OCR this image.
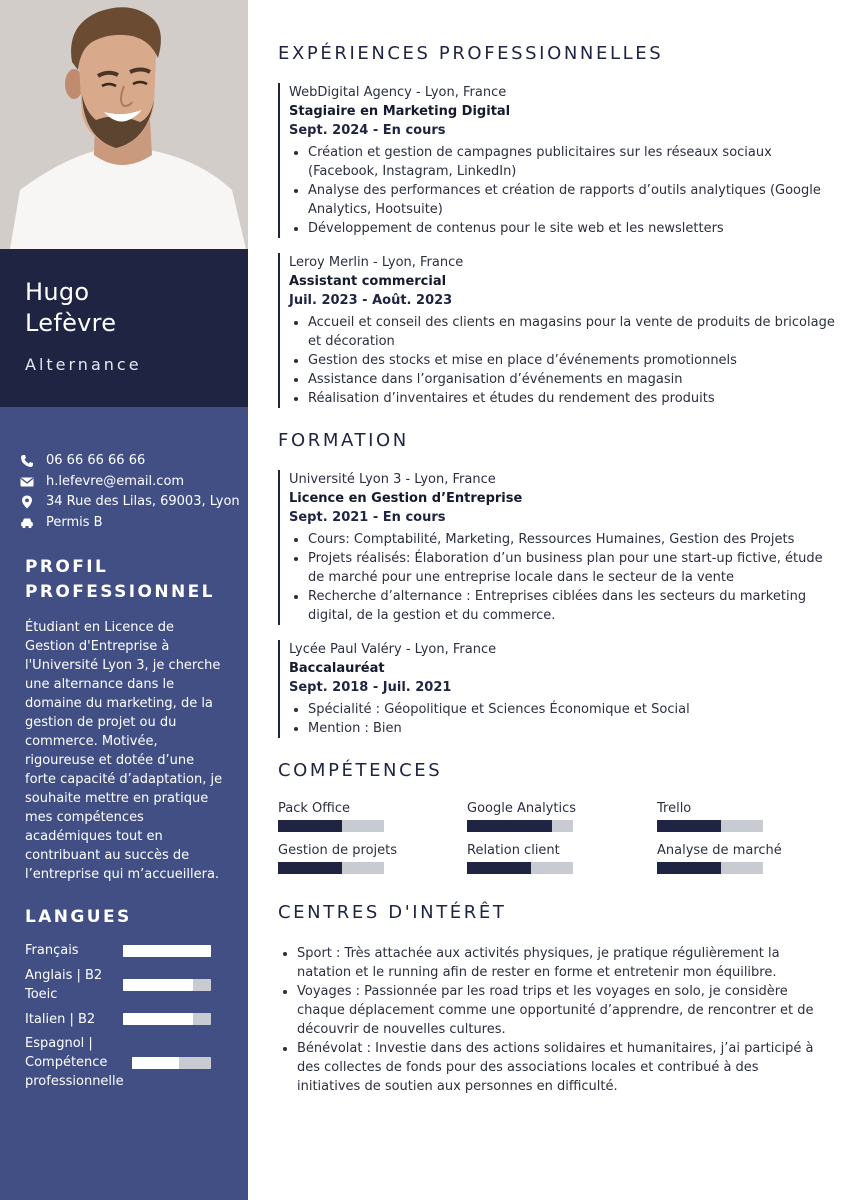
Hugo
Lefèvre
Alternance
06 66 66 66 66
h.lefevre@email.com
34 Rue des Lilas, 69003, Lyon
Permis B
PROFIL
PROFESSIONNEL
Étudiant en Licence de Gestion d'Entreprise à l'Université Lyon 3, je cherche une alternance dans le domaine du marketing, de la gestion de projet ou du commerce. Motivée, rigoureuse et dotée d’une forte capacité d’adaptation, je souhaite mettre en pratique mes compétences académiques tout en contribuant au succès de l’entreprise qui m’accueillera.
LANGUES
Français
Anglais | B2
Toeic
Italien | B2
Espagnol |
Compétence
professionnelle
EXPÉRIENCES PROFESSIONNELLES
WebDigital Agency - Lyon, France
Stagiaire en Marketing Digital
Sept. 2024 - En cours
• Création et gestion de campagnes publicitaires sur les réseaux sociaux (Facebook, Instagram, LinkedIn)
• Analyse des performances et création de rapports d’outils analytiques (Google Analytics, Hootsuite)
• Développement de contenus pour le site web et les newsletters
Leroy Merlin - Lyon, France
Assistant commercial
Juil. 2023 - Août. 2023
• Accueil et conseil des clients en magasins pour la vente de produits de bricolage et décoration
• Gestion des stocks et mise en place d’événements promotionnels
• Assistance dans l’organisation d’événements en magasin
• Réalisation d’inventaires et études du rendement des produits
FORMATION
Université Lyon 3 - Lyon, France
Licence en Gestion d’Entreprise
Sept. 2021 - En cours
• Cours: Comptabilité, Marketing, Ressources Humaines, Gestion des Projets
• Projets réalisés: Élaboration d’un business plan pour une start-up fictive, étude de marché pour une entreprise locale dans le secteur de la vente
• Recherche d’alternance : Entreprises ciblées dans les secteurs du marketing digital, de la gestion et du commerce.
Lycée Paul Valéry - Lyon, France
Baccalauréat
Sept. 2018 - Juil. 2021
• Spécialité : Géopolitique et Sciences Économique et Social
• Mention : Bien
COMPÉTENCES
Pack Office	Google Analytics	Trello
Gestion de projets	Relation client	Analyse de marché
CENTRES D'INTÉRÊT
• Sport : Très attachée aux activités physiques, je pratique régulièrement la natation et le running afin de rester en forme et entretenir mon équilibre.
• Voyages : Passionnée par les road trips et les voyages en solo, je considère chaque déplacement comme une opportunité d’apprendre, de rencontrer et de découvrir de nouvelles cultures.
• Bénévolat : Investie dans des actions solidaires et humanitaires, j’ai participé à des collectes de fonds pour des associations locales et contribué à des initiatives de soutien aux personnes en difficulté.
